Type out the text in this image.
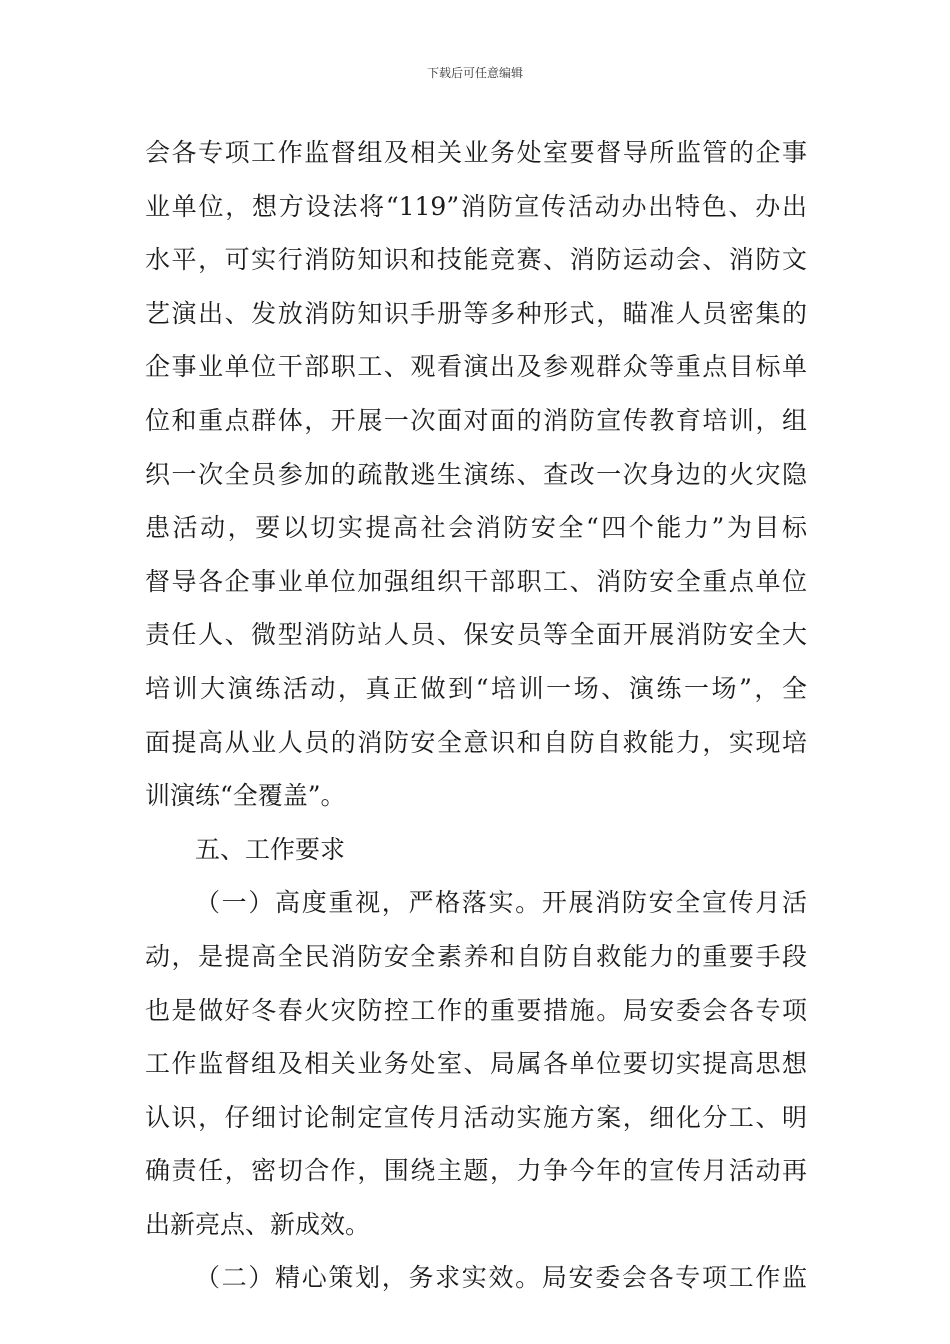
下载后可任意编辑
会各专项工作监督组及相关业务处室要督导所监管的企事
业单位，想方设法将“119”消防宣传活动办出特色、办出
水平，可实行消防知识和技能竞赛、消防运动会、消防文
艺演出、发放消防知识手册等多种形式，瞄准人员密集的
企事业单位干部职工、观看演出及参观群众等重点目标单
位和重点群体，开展一次面对面的消防宣传教育培训，组
织一次全员参加的疏散逃生演练、查改一次身边的火灾隐
患活动，要以切实提高社会消防安全“四个能力”为目标
督导各企事业单位加强组织干部职工、消防安全重点单位
责任人、微型消防站人员、保安员等全面开展消防安全大
培训大演练活动，真正做到“培训一场、演练一场”，全
面提高从业人员的消防安全意识和自防自救能力，实现培
训演练“全覆盖”。
五、工作要求
（一）高度重视，严格落实。开展消防安全宣传月活
动，是提高全民消防安全素养和自防自救能力的重要手段
也是做好冬春火灾防控工作的重要措施。局安委会各专项
工作监督组及相关业务处室、局属各单位要切实提高思想
认识，仔细讨论制定宣传月活动实施方案，细化分工、明
确责任，密切合作，围绕主题，力争今年的宣传月活动再
出新亮点、新成效。
（二）精心策划，务求实效。局安委会各专项工作监
